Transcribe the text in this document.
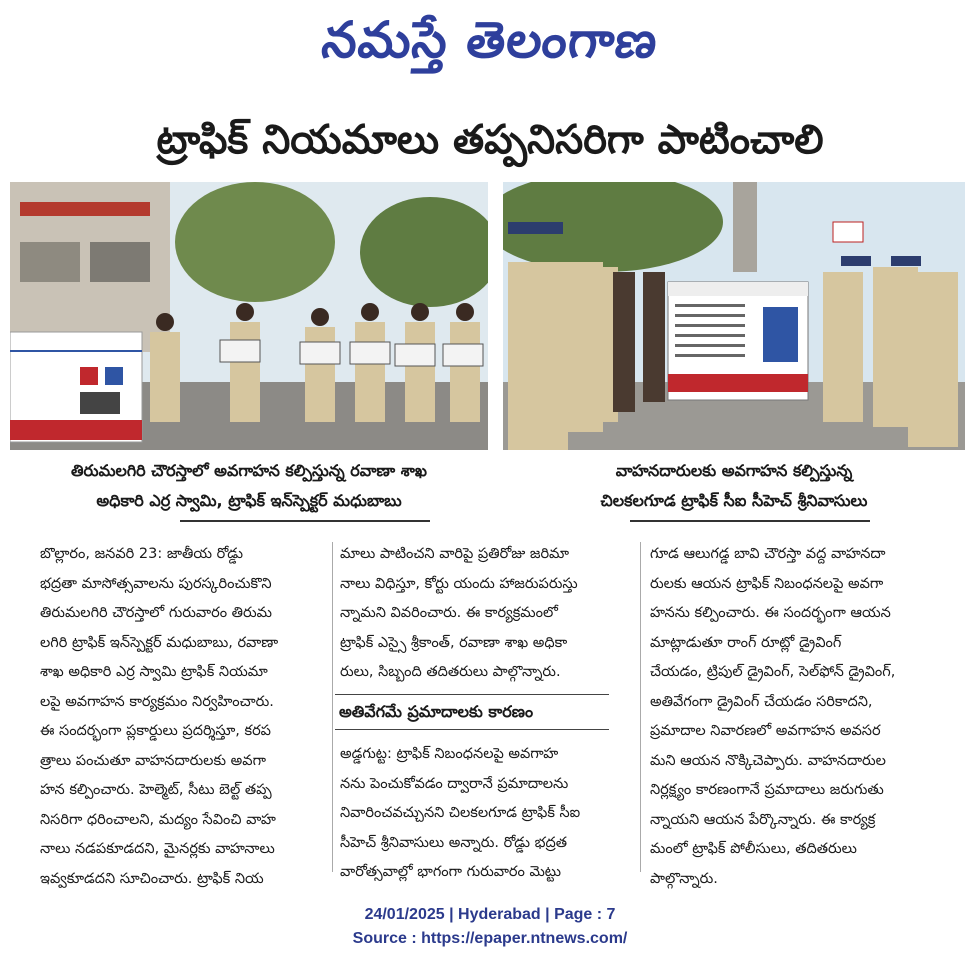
నమస్తే తెలంగాణ
ట్రాఫిక్ నియమాలు తప్పనిసరిగా పాటించాలి
తిరుమలగిరి చౌరస్తాలో అవగాహన కల్పిస్తున్న రవాణా శాఖ
అధికారి ఎర్ర స్వామి, ట్రాఫిక్ ఇన్‌స్పెక్టర్ మధుబాబు
వాహనదారులకు అవగాహన కల్పిస్తున్న
చిలకలగూడ ట్రాఫిక్ సీఐ సీహెచ్ శ్రీనివాసులు
బొల్లారం, జనవరి 23: జాతీయ రోడ్డు
భద్రతా మాసోత్సవాలను పురస్కరించుకొని
తిరుమలగిరి చౌరస్తాలో గురువారం తిరుమ
లగిరి ట్రాఫిక్ ఇన్‌స్పెక్టర్ మధుబాబు, రవాణా
శాఖ అధికారి ఎర్ర స్వామి ట్రాఫిక్ నియమా
లపై అవగాహన కార్యక్రమం నిర్వహించారు.
ఈ సందర్భంగా ప్లకార్డులు ప్రదర్శిస్తూ, కరప
త్రాలు పంచుతూ వాహనదారులకు అవగా
హన కల్పించారు. హెల్మెట్, సీటు బెల్ట్ తప్ప
నిసరిగా ధరించాలని, మద్యం సేవించి వాహ
నాలు నడపకూడదని, మైనర్లకు వాహనాలు
ఇవ్వకూడదని సూచించారు. ట్రాఫిక్ నియ
మాలు పాటించని వారిపై ప్రతిరోజు జరిమా
నాలు విధిస్తూ, కోర్టు యందు హాజరుపరుస్తు
న్నామని వివరించారు. ఈ కార్యక్రమంలో
ట్రాఫిక్ ఎస్సై శ్రీకాంత్, రవాణా శాఖ అధికా
రులు, సిబ్బంది తదితరులు పాల్గొన్నారు.
అతివేగమే ప్రమాదాలకు కారణం
అడ్డగుట్ట: ట్రాఫిక్ నిబంధనలపై అవగాహ
నను పెంచుకోవడం ద్వారానే ప్రమాదాలను
నివారించవచ్చునని చిలకలగూడ ట్రాఫిక్ సీఐ
సీహెచ్ శ్రీనివాసులు అన్నారు. రోడ్డు భద్రత
వారోత్సవాల్లో భాగంగా గురువారం మెట్టు
గూడ ఆలుగడ్డ బావి చౌరస్తా వద్ద వాహనదా
రులకు ఆయన ట్రాఫిక్ నిబంధనలపై అవగా
హనను కల్పించారు. ఈ సందర్భంగా ఆయన
మాట్లాడుతూ రాంగ్ రూట్లో డ్రైవింగ్
చేయడం, ట్రిపుల్ డ్రైవింగ్, సెల్‌ఫోన్ డ్రైవింగ్,
అతివేగంగా డ్రైవింగ్ చేయడం సరికాదని,
ప్రమాదాల నివారణలో అవగాహన అవసర
మని ఆయన నొక్కిచెప్పారు. వాహనదారుల
నిర్లక్ష్యం కారణంగానే ప్రమాదాలు జరుగుతు
న్నాయని ఆయన పేర్కొన్నారు. ఈ కార్యక్ర
మంలో ట్రాఫిక్ పోలీసులు, తదితరులు
పాల్గొన్నారు.
24/01/2025 | Hyderabad | Page : 7
Source : https://epaper.ntnews.com/
